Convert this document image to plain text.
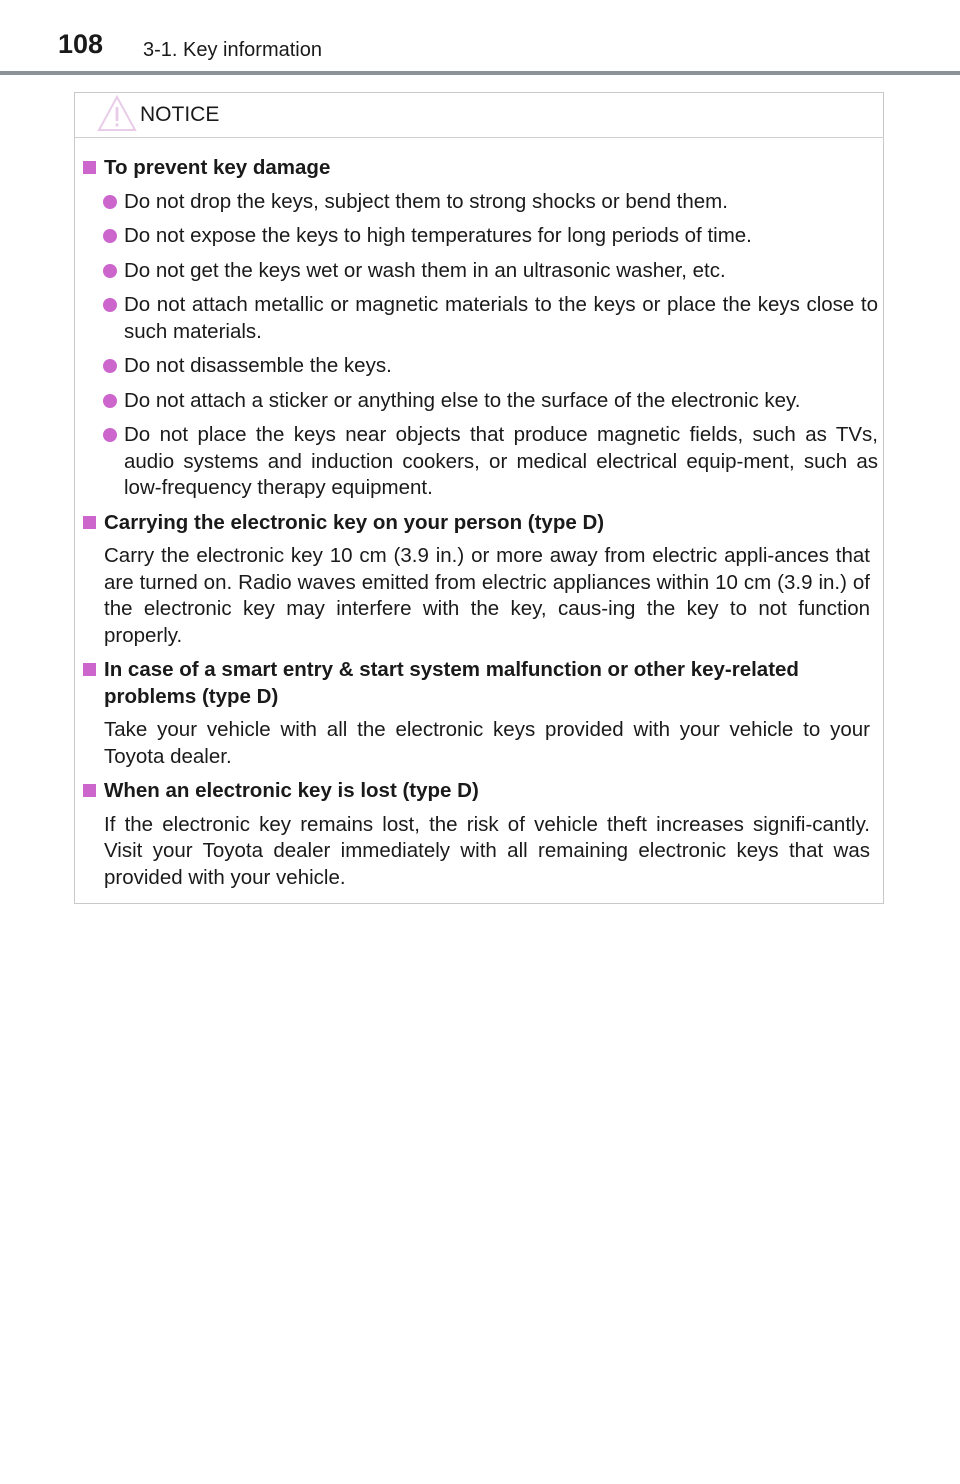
108 3-1. Key information
NOTICE
To prevent key damage
Do not drop the keys, subject them to strong shocks or bend them.
Do not expose the keys to high temperatures for long periods of time.
Do not get the keys wet or wash them in an ultrasonic washer, etc.
Do not attach metallic or magnetic materials to the keys or place the keys close to such materials.
Do not disassemble the keys.
Do not attach a sticker or anything else to the surface of the electronic key.
Do not place the keys near objects that produce magnetic fields, such as TVs, audio systems and induction cookers, or medical electrical equip-ment, such as low-frequency therapy equipment.
Carrying the electronic key on your person (type D)
Carry the electronic key 10 cm (3.9 in.) or more away from electric appli-ances that are turned on. Radio waves emitted from electric appliances within 10 cm (3.9 in.) of the electronic key may interfere with the key, caus-ing the key to not function properly.
In case of a smart entry & start system malfunction or other key-related problems (type D)
Take your vehicle with all the electronic keys provided with your vehicle to your Toyota dealer.
When an electronic key is lost (type D)
If the electronic key remains lost, the risk of vehicle theft increases signifi-cantly. Visit your Toyota dealer immediately with all remaining electronic keys that was provided with your vehicle.
